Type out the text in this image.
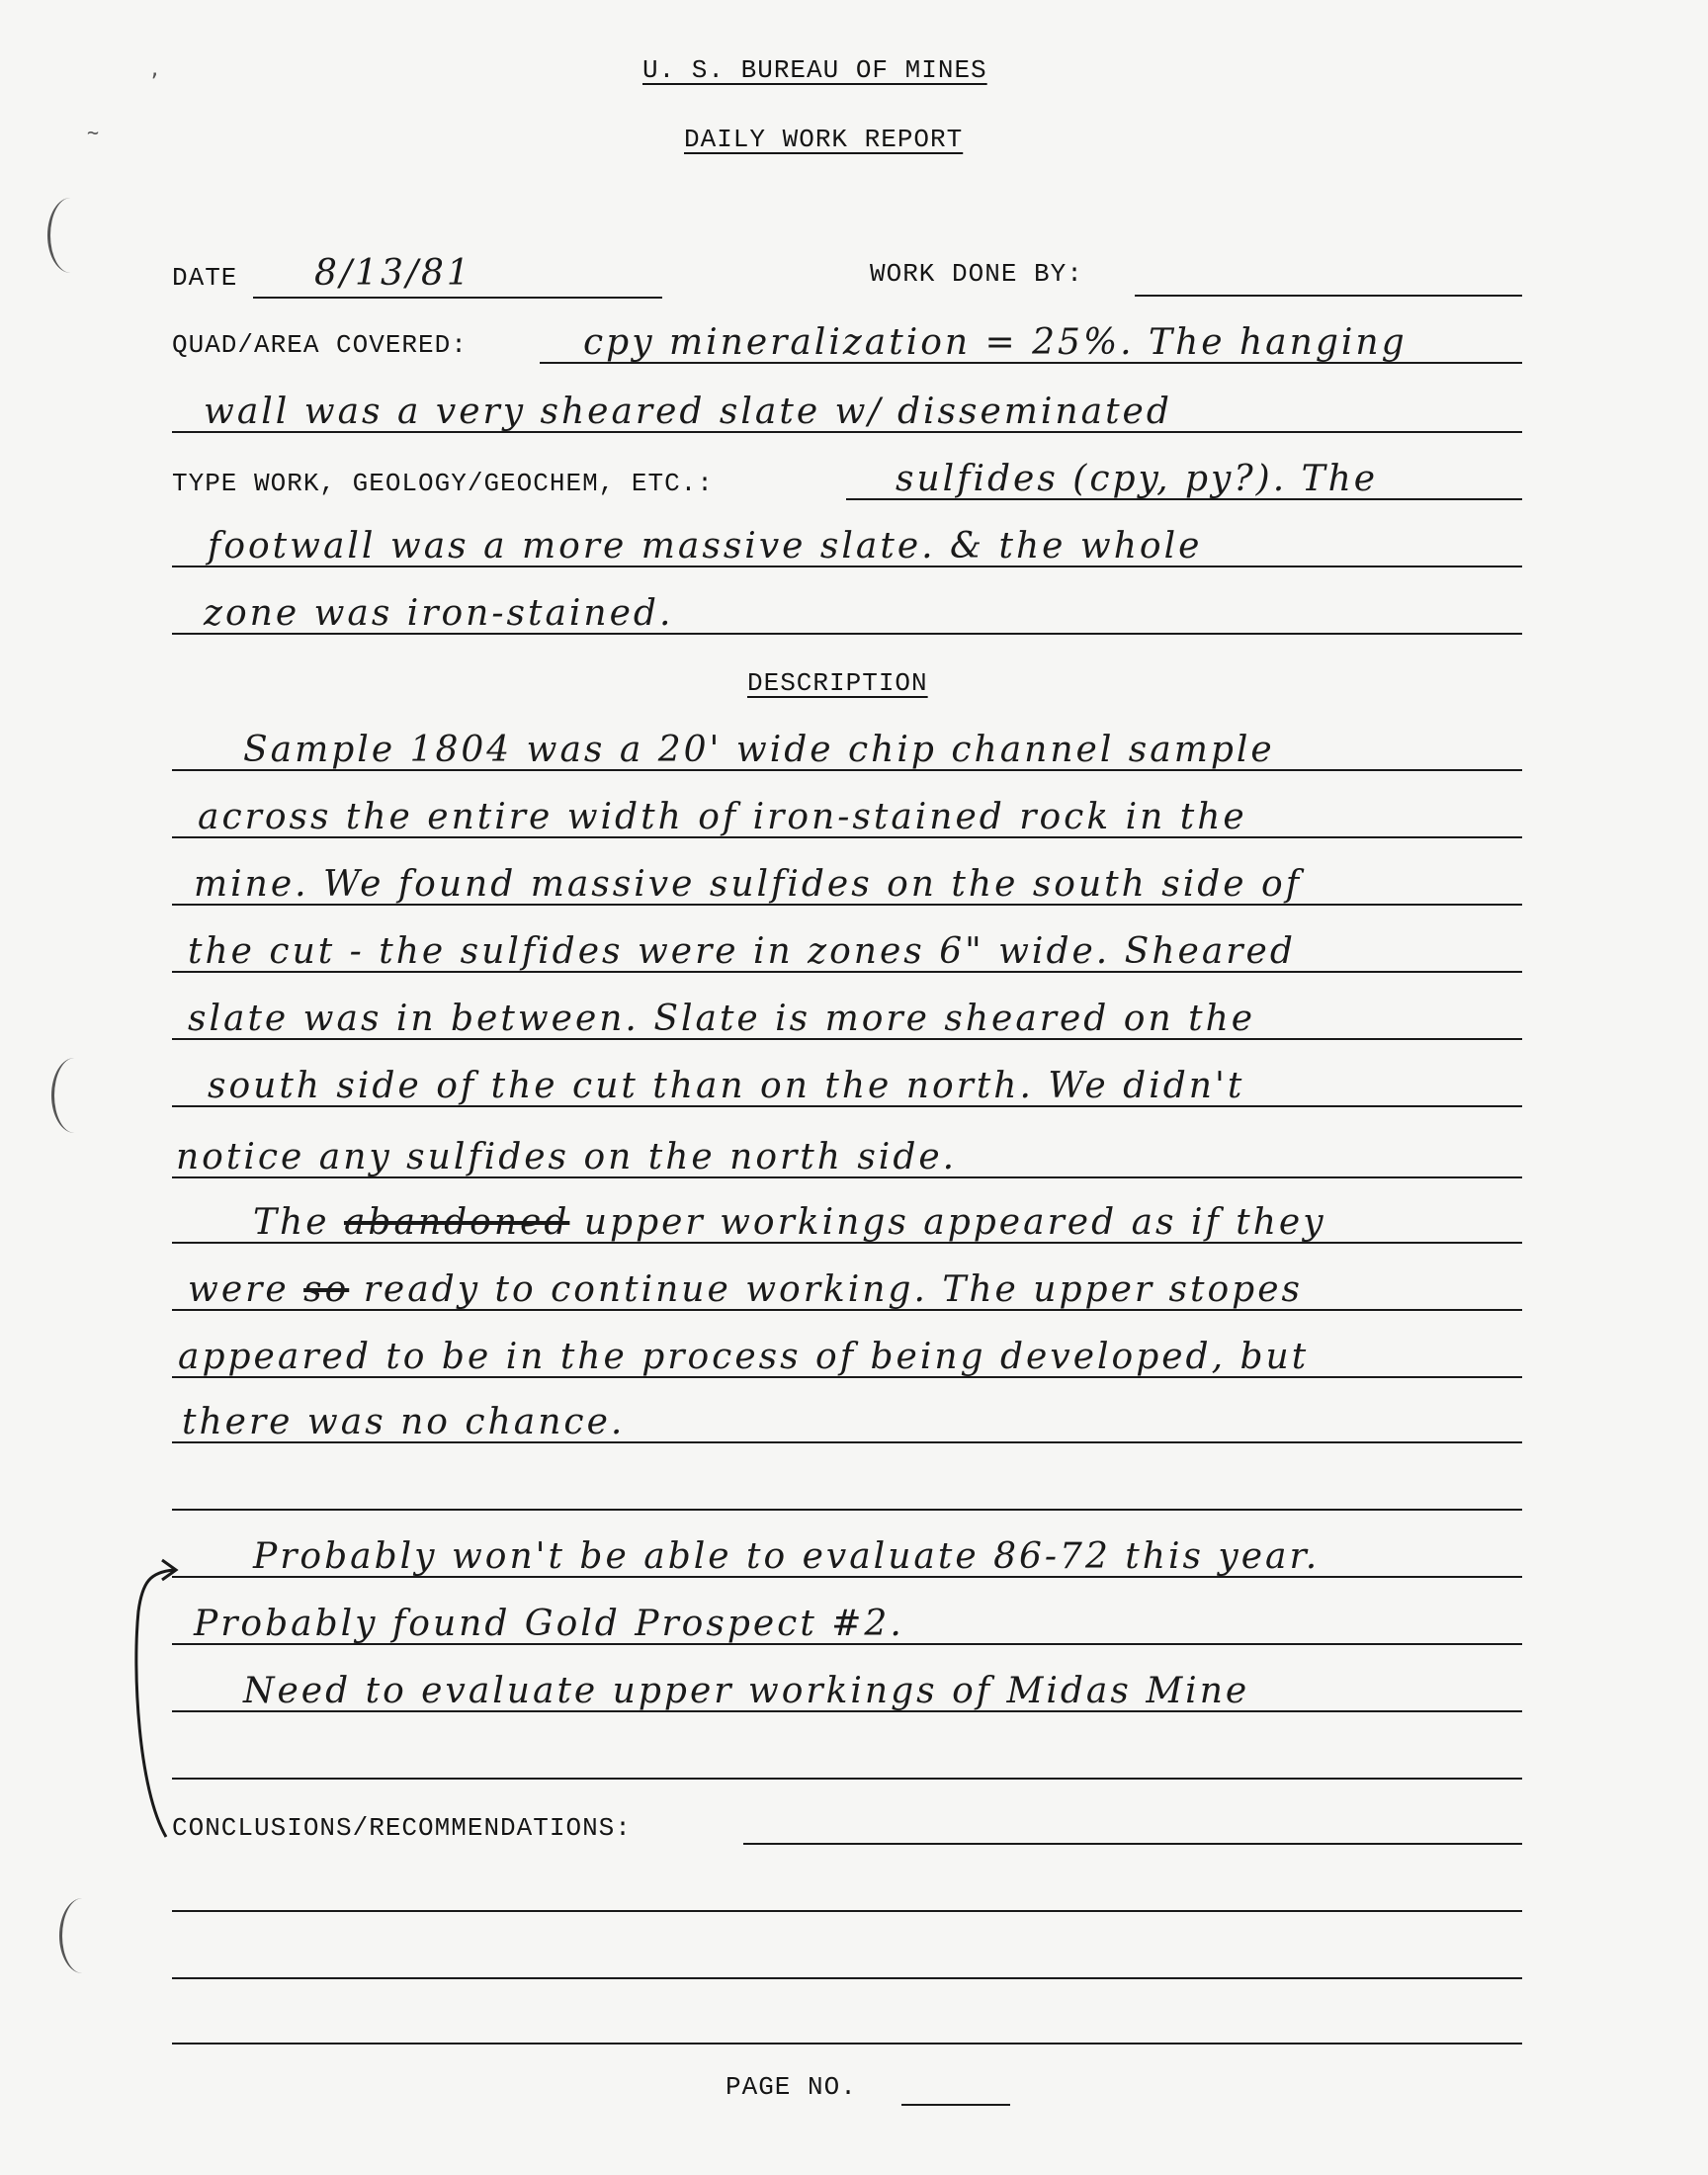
’
~
U. S. BUREAU OF MINES
DAILY WORK REPORT
DATE 8/13/81	WORK DONE BY:
QUAD/AREA COVERED:	cpy mineralization = 25%. The hanging
wall was a very sheared slate w/ disseminated
TYPE WORK, GEOLOGY/GEOCHEM, ETC.:	sulfides (cpy, py?). The
footwall was a more massive slate. & the whole
zone was iron-stained.
DESCRIPTION
Sample 1804 was a 20' wide chip channel sample
across the entire width of iron-stained rock in the
mine. We found massive sulfides on the south side of
the cut - the sulfides were in zones 6" wide. Sheared
slate was in between. Slate is more sheared on the
south side of the cut than on the north. We didn't
notice any sulfides on the north side.
The abandoned upper workings appeared as if they
were so ready to continue working. The upper stopes
appeared to be in the process of being developed, but
there was no chance.
Probably won't be able to evaluate 86-72 this year.
Probably found Gold Prospect #2.
Need to evaluate upper workings of Midas Mine
CONCLUSIONS/RECOMMENDATIONS:
PAGE NO.
